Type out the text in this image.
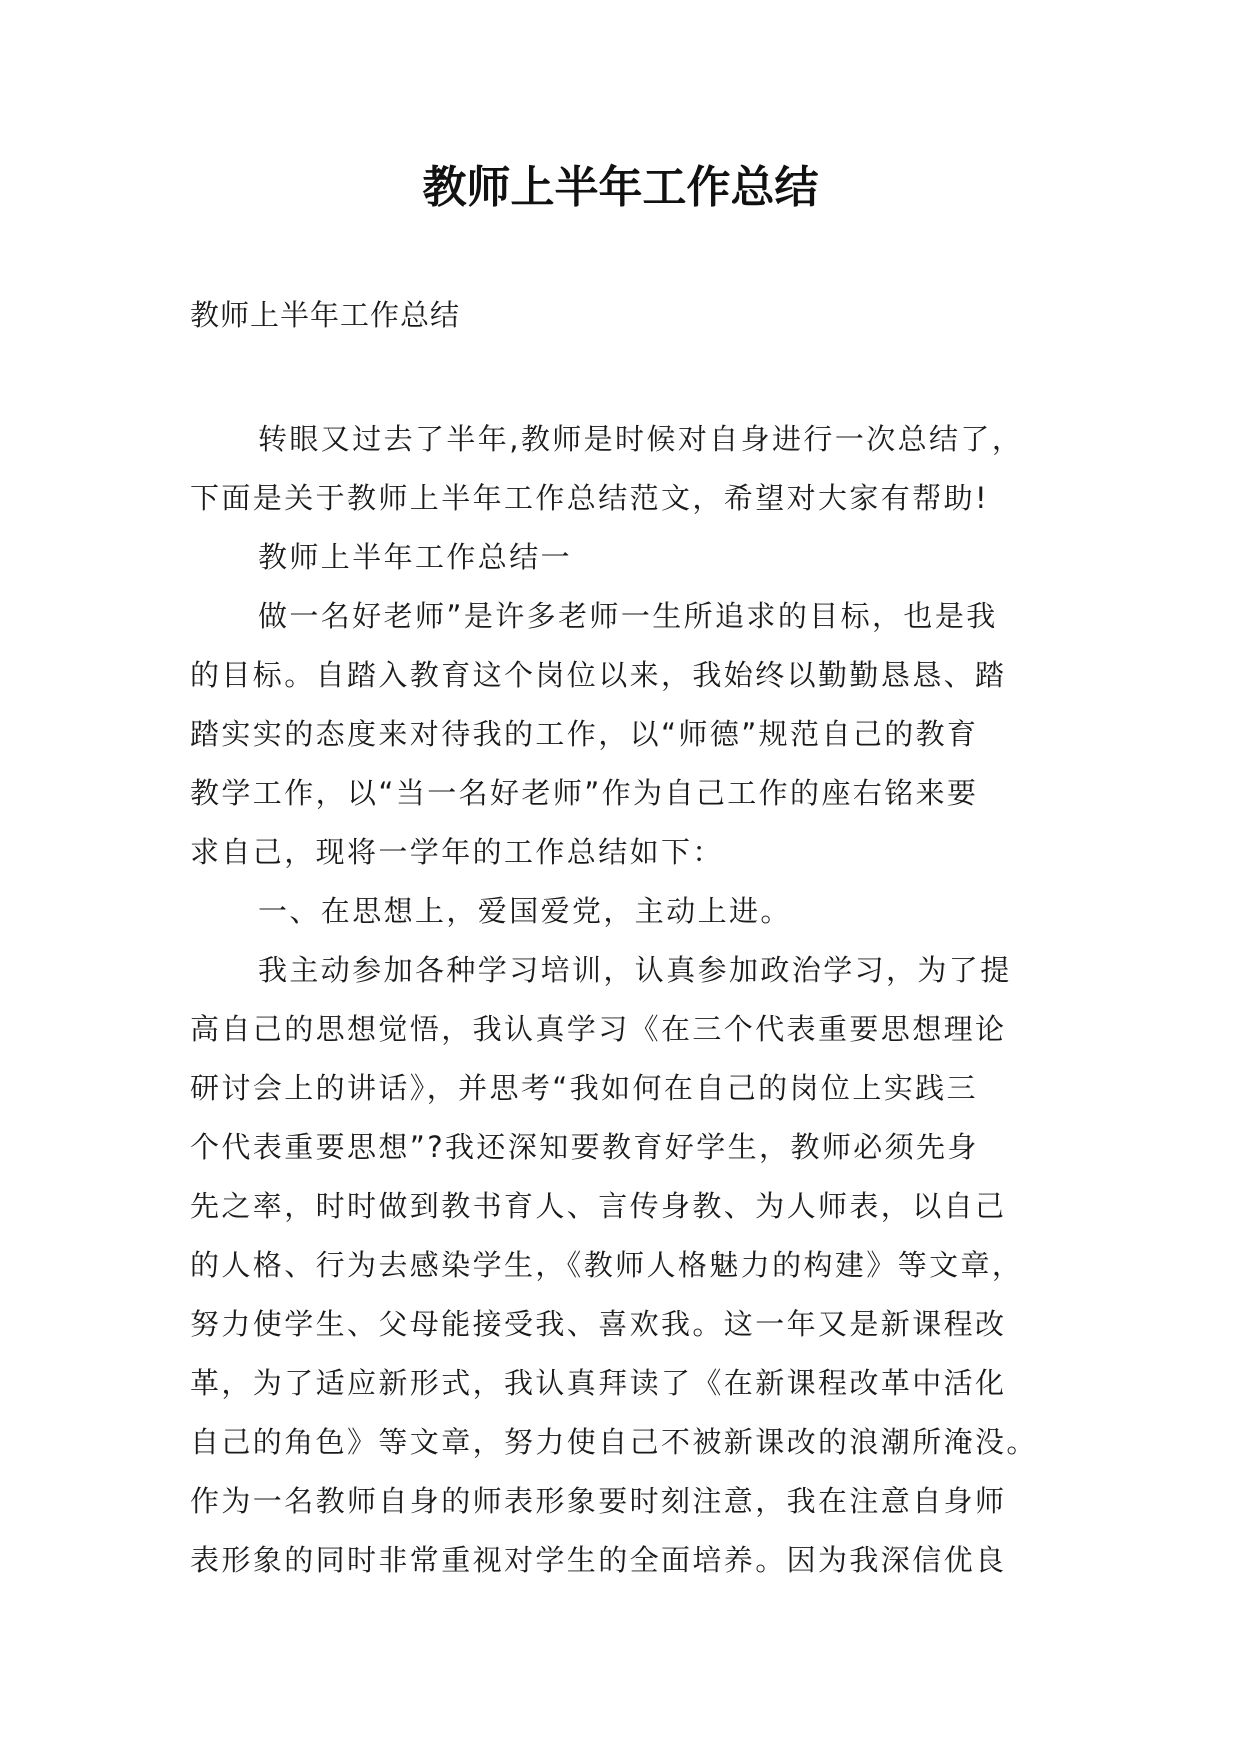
教师上半年工作总结

教师上半年工作总结

转眼又过去了半年,教师是时候对自身进行一次总结了，

下面是关于教师上半年工作总结范文，希望对大家有帮助!

教师上半年工作总结一

做一名好老师”是许多老师一生所追求的目标，也是我

的目标。自踏入教育这个岗位以来，我始终以勤勤恳恳、踏

踏实实的态度来对待我的工作，以“师德”规范自己的教育

教学工作，以“当一名好老师”作为自己工作的座右铭来要

求自己，现将一学年的工作总结如下：

一、在思想上，爱国爱党，主动上进。

我主动参加各种学习培训，认真参加政治学习，为了提

高自己的思想觉悟，我认真学习《在三个代表重要思想理论

研讨会上的讲话》，并思考“我如何在自己的岗位上实践三

个代表重要思想”?我还深知要教育好学生，教师必须先身

先之率，时时做到教书育人、言传身教、为人师表，以自己

的人格、行为去感染学生，《教师人格魅力的构建》等文章，

努力使学生、父母能接受我、喜欢我。这一年又是新课程改

革，为了适应新形式，我认真拜读了《在新课程改革中活化

自己的角色》等文章，努力使自己不被新课改的浪潮所淹没。

作为一名教师自身的师表形象要时刻注意，我在注意自身师

表形象的同时非常重视对学生的全面培养。因为我深信优良
